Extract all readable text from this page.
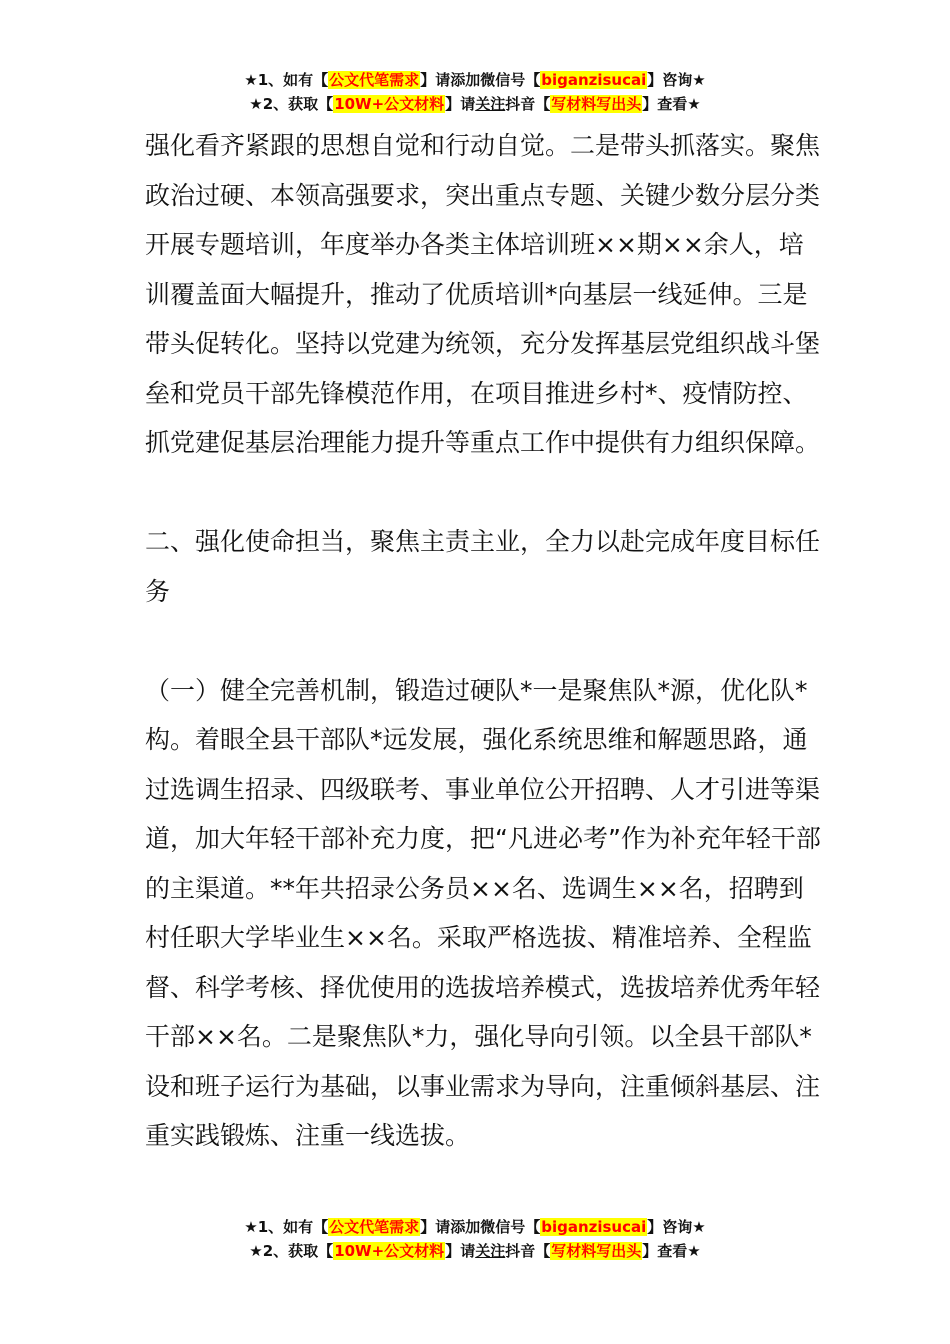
★1、如有【公文代笔需求】请添加微信号【biganzisucai】咨询★
★2、获取【10W+公文材料】请关注抖音【写材料写出头】查看★

强化看齐紧跟的思想自觉和行动自觉。二是带头抓落实。聚焦政治过硬、本领高强要求，突出重点专题、关键少数分层分类开展专题培训，年度举办各类主体培训班××期××余人，培训覆盖面大幅提升，推动了优质培训*向基层一线延伸。三是带头促转化。坚持以党建为统领，充分发挥基层党组织战斗堡垒和党员干部先锋模范作用，在项目推进乡村*、疫情防控、抓党建促基层治理能力提升等重点工作中提供有力组织保障。

二、强化使命担当，聚焦主责主业，全力以赴完成年度目标任务

（一）健全完善机制，锻造过硬队*一是聚焦队*源，优化队*构。着眼全县干部队*远发展，强化系统思维和解题思路，通过选调生招录、四级联考、事业单位公开招聘、人才引进等渠道，加大年轻干部补充力度，把“凡进必考”作为补充年轻干部的主渠道。**年共招录公务员××名、选调生××名，招聘到村任职大学毕业生××名。采取严格选拔、精准培养、全程监督、科学考核、择优使用的选拔培养模式，选拔培养优秀年轻干部××名。二是聚焦队*力，强化导向引领。以全县干部队*设和班子运行为基础，以事业需求为导向，注重倾斜基层、注重实践锻炼、注重一线选拔。

★1、如有【公文代笔需求】请添加微信号【biganzisucai】咨询★
★2、获取【10W+公文材料】请关注抖音【写材料写出头】查看★
